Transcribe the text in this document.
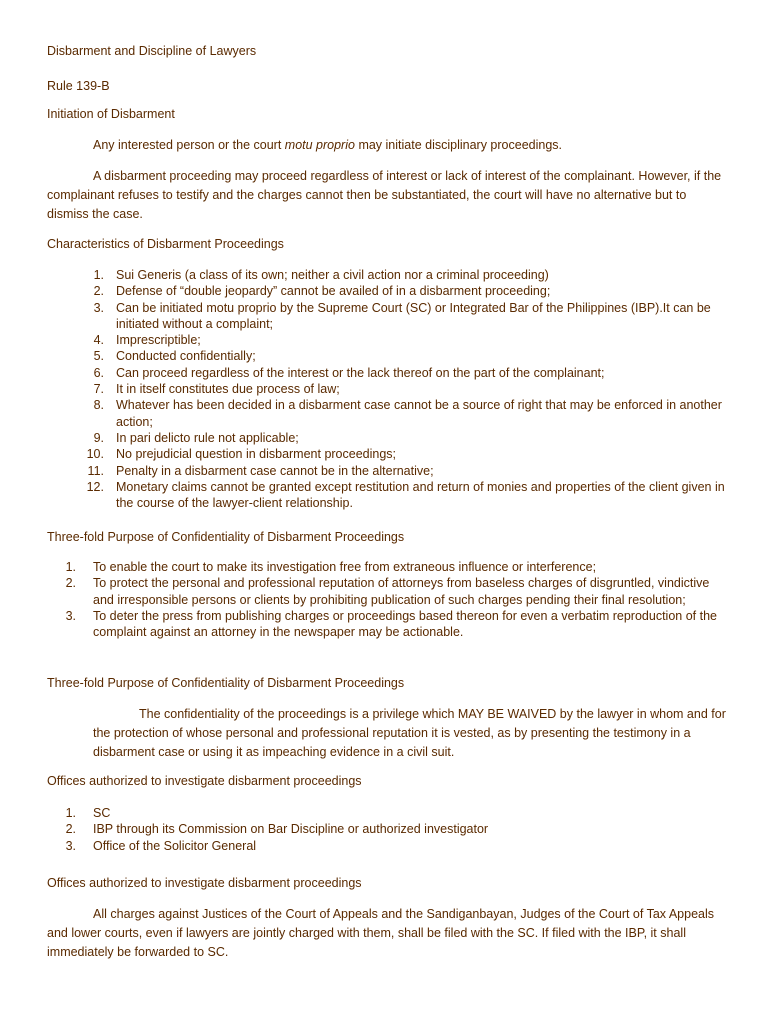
Disbarment and Discipline of Lawyers
Rule 139-B
Initiation of Disbarment
Any interested person or the court motu proprio may initiate disciplinary proceedings.
A disbarment proceeding may proceed regardless of interest or lack of interest of the complainant. However, if the complainant refuses to testify and the charges cannot then be substantiated, the court will have no alternative but to dismiss the case.
Characteristics of Disbarment Proceedings
1. Sui Generis (a class of its own; neither a civil action nor a criminal proceeding)
2. Defense of “double jeopardy” cannot be availed of in a disbarment proceeding;
3. Can be initiated motu proprio by the Supreme Court (SC) or Integrated Bar of the Philippines (IBP).It can be initiated without a complaint;
4. Imprescriptible;
5. Conducted confidentially;
6. Can proceed regardless of the interest or the lack thereof on the part of the complainant;
7. It in itself constitutes due process of law;
8. Whatever has been decided in a disbarment case cannot be a source of right that may be enforced in another action;
9. In pari delicto rule not applicable;
10. No prejudicial question in disbarment proceedings;
11. Penalty in a disbarment case cannot be in the alternative;
12. Monetary claims cannot be granted except restitution and return of monies and properties of the client given in the course of the lawyer-client relationship.
Three-fold Purpose of Confidentiality of Disbarment Proceedings
1. To enable the court to make its investigation free from extraneous influence or interference;
2. To protect the personal and professional reputation of attorneys from baseless charges of disgruntled, vindictive and irresponsible persons or clients by prohibiting publication of such charges pending their final resolution;
3. To deter the press from publishing charges or proceedings based thereon for even a verbatim reproduction of the complaint against an attorney in the newspaper may be actionable.
Three-fold Purpose of Confidentiality of Disbarment Proceedings
The confidentiality of the proceedings is a privilege which MAY BE WAIVED by the lawyer in whom and for the protection of whose personal and professional reputation it is vested, as by presenting the testimony in a disbarment case or using it as impeaching evidence in a civil suit.
Offices authorized to investigate disbarment proceedings
1. SC
2. IBP through its Commission on Bar Discipline or authorized investigator
3. Office of the Solicitor General
Offices authorized to investigate disbarment proceedings
All charges against Justices of the Court of Appeals and the Sandiganbayan, Judges of the Court of Tax Appeals and lower courts, even if lawyers are jointly charged with them, shall be filed with the SC. If filed with the IBP, it shall immediately be forwarded to SC.
